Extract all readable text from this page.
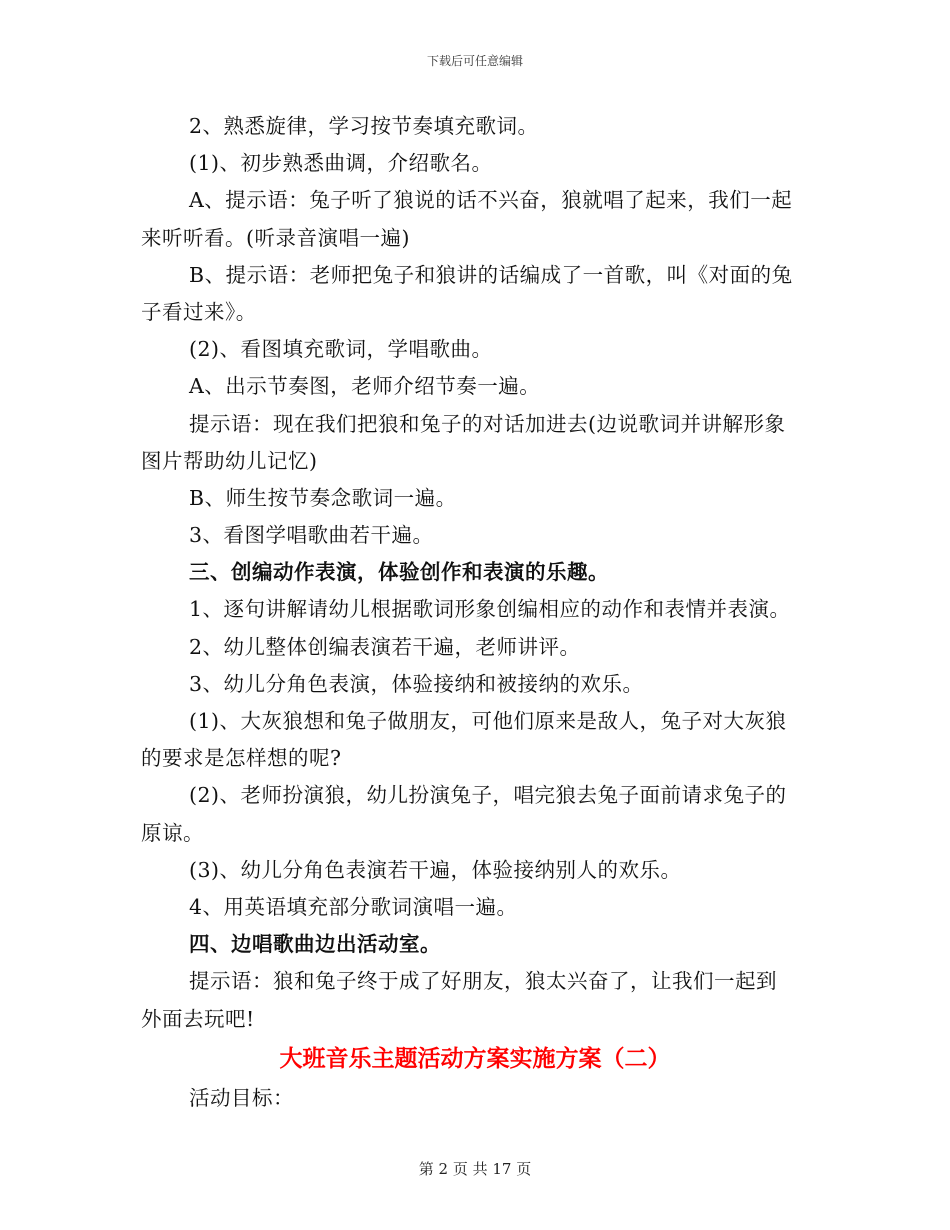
下载后可任意编辑
2、熟悉旋律，学习按节奏填充歌词。
(1)、初步熟悉曲调，介绍歌名。
A、提示语：兔子听了狼说的话不兴奋，狼就唱了起来，我们一起
来听听看。(听录音演唱一遍)
B、提示语：老师把兔子和狼讲的话编成了一首歌，叫《对面的兔
子看过来》。
(2)、看图填充歌词，学唱歌曲。
A、出示节奏图，老师介绍节奏一遍。
提示语：现在我们把狼和兔子的对话加进去(边说歌词并讲解形象
图片帮助幼儿记忆)
B、师生按节奏念歌词一遍。
3、看图学唱歌曲若干遍。
三、创编动作表演，体验创作和表演的乐趣。
1、逐句讲解请幼儿根据歌词形象创编相应的动作和表情并表演。
2、幼儿整体创编表演若干遍，老师讲评。
3、幼儿分角色表演，体验接纳和被接纳的欢乐。
(1)、大灰狼想和兔子做朋友，可他们原来是敌人，兔子对大灰狼
的要求是怎样想的呢?
(2)、老师扮演狼，幼儿扮演兔子，唱完狼去兔子面前请求兔子的
原谅。
(3)、幼儿分角色表演若干遍，体验接纳别人的欢乐。
4、用英语填充部分歌词演唱一遍。
四、边唱歌曲边出活动室。
提示语：狼和兔子终于成了好朋友，狼太兴奋了，让我们一起到
外面去玩吧!
大班音乐主题活动方案实施方案（二）
活动目标：
第 2 页 共 17 页
